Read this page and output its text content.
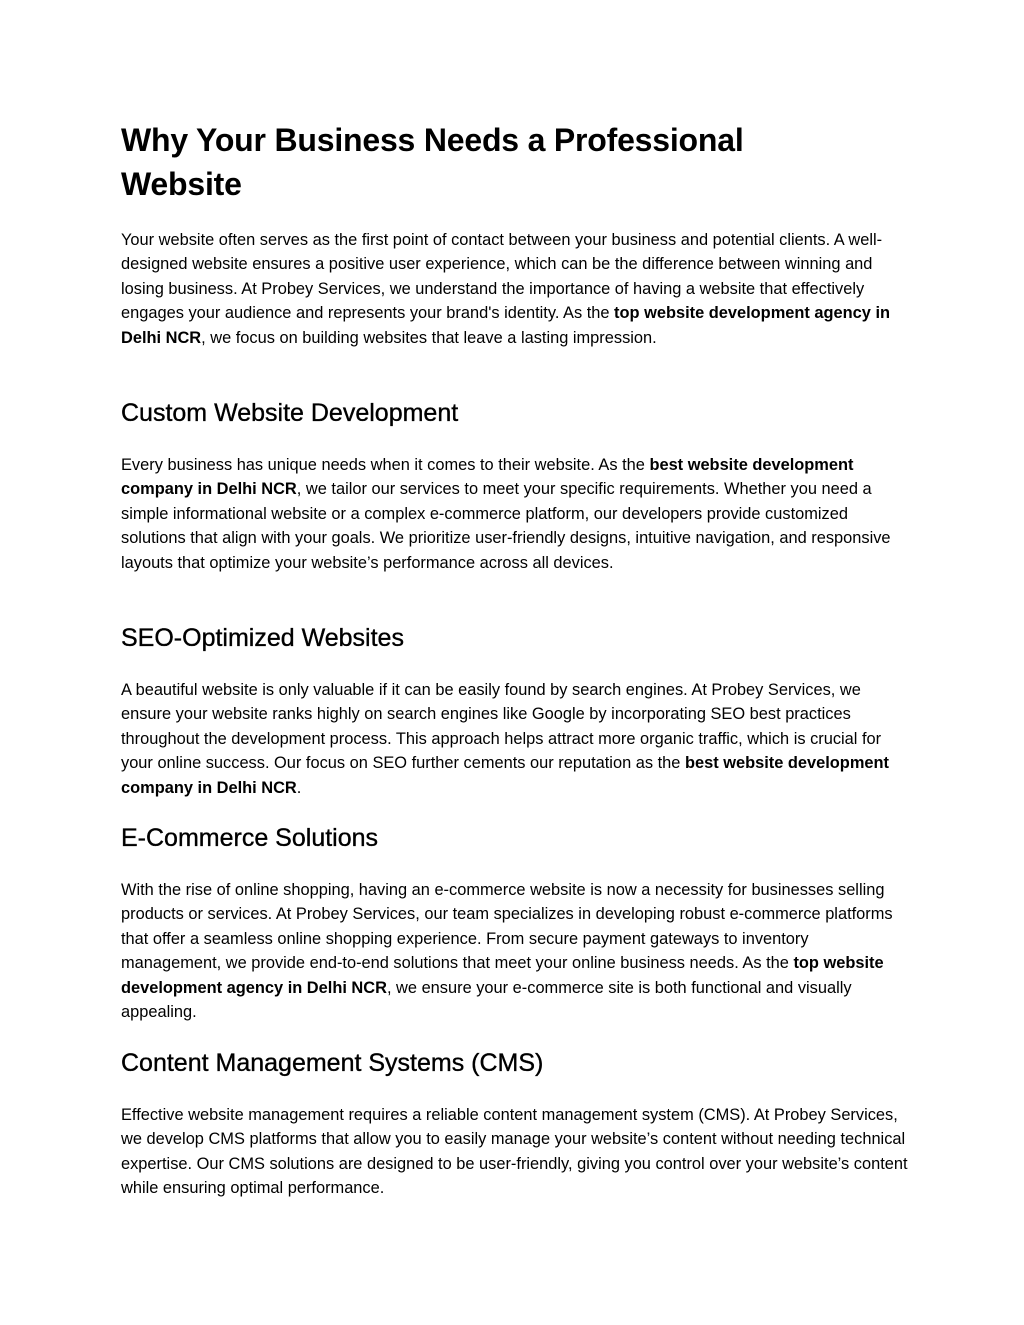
Why Your Business Needs a Professional Website

Your website often serves as the first point of contact between your business and potential clients. A well-designed website ensures a positive user experience, which can be the difference between winning and losing business. At Probey Services, we understand the importance of having a website that effectively engages your audience and represents your brand's identity. As the top website development agency in Delhi NCR, we focus on building websites that leave a lasting impression.

Custom Website Development

Every business has unique needs when it comes to their website. As the best website development company in Delhi NCR, we tailor our services to meet your specific requirements. Whether you need a simple informational website or a complex e-commerce platform, our developers provide customized solutions that align with your goals. We prioritize user-friendly designs, intuitive navigation, and responsive layouts that optimize your website’s performance across all devices.

SEO-Optimized Websites

A beautiful website is only valuable if it can be easily found by search engines. At Probey Services, we ensure your website ranks highly on search engines like Google by incorporating SEO best practices throughout the development process. This approach helps attract more organic traffic, which is crucial for your online success. Our focus on SEO further cements our reputation as the best website development company in Delhi NCR.

E-Commerce Solutions

With the rise of online shopping, having an e-commerce website is now a necessity for businesses selling products or services. At Probey Services, our team specializes in developing robust e-commerce platforms that offer a seamless online shopping experience. From secure payment gateways to inventory management, we provide end-to-end solutions that meet your online business needs. As the top website development agency in Delhi NCR, we ensure your e-commerce site is both functional and visually appealing.

Content Management Systems (CMS)

Effective website management requires a reliable content management system (CMS). At Probey Services, we develop CMS platforms that allow you to easily manage your website’s content without needing technical expertise. Our CMS solutions are designed to be user-friendly, giving you control over your website’s content while ensuring optimal performance.
